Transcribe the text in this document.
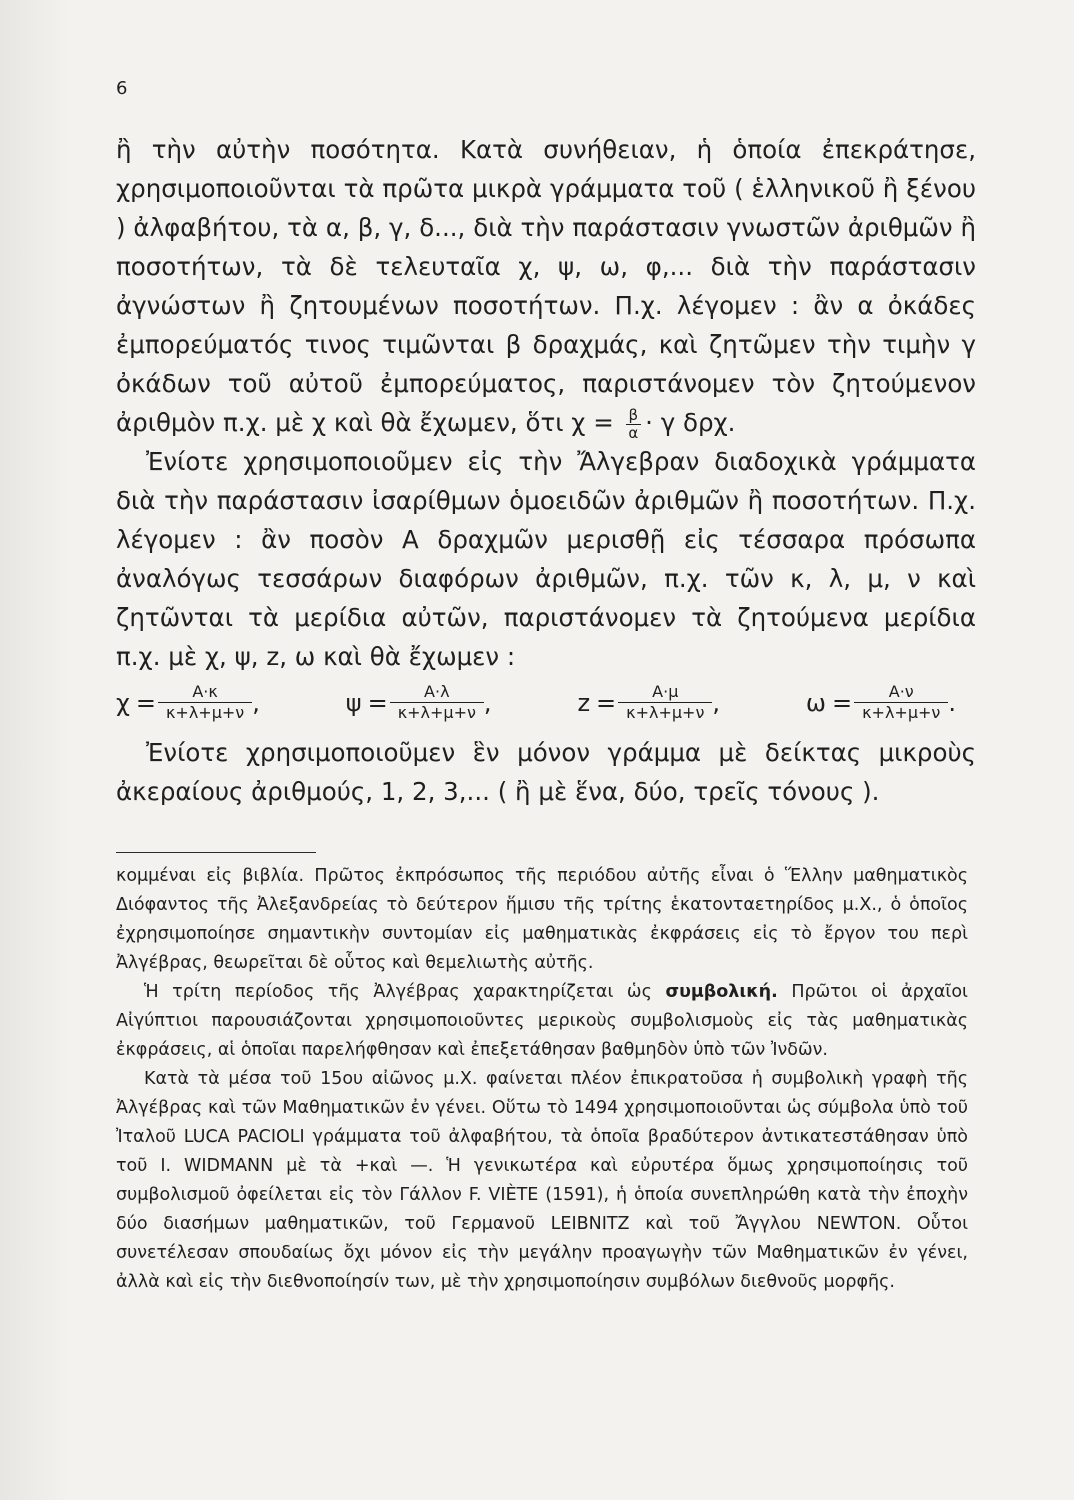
6

ἢ τὴν αὐτὴν ποσότητα. Κατὰ συνήθειαν, ἡ ὁποία ἐπεκράτησε, χρησιμοποιοῦνται τὰ πρῶτα μικρὰ γράμματα τοῦ ( ἑλληνικοῦ ἢ ξένου ) ἀλφαβήτου, τὰ α, β, γ, δ..., διὰ τὴν παράστασιν γνωστῶν ἀριθμῶν ἢ ποσοτήτων, τὰ δὲ τελευταῖα χ, ψ, ω, φ,... διὰ τὴν παράστασιν ἀγνώστων ἢ ζητουμένων ποσοτήτων. Π.χ. λέγομεν : ἂν α ὀκάδες ἐμπορεύματός τινος τιμῶνται β δραχμάς, καὶ ζητῶμεν τὴν τιμὴν γ ὀκάδων τοῦ αὐτοῦ ἐμπορεύματος, παριστάνομεν τὸν ζητούμενον ἀριθμὸν π.χ. μὲ χ καὶ θὰ ἔχωμεν, ὅτι $\chi = \frac{\beta}{\alpha} \cdot \gamma$ δρχ.

Ἐνίοτε χρησιμοποιοῦμεν εἰς τὴν Ἄλγεβραν διαδοχικὰ γράμματα διὰ τὴν παράστασιν ἰσαρίθμων ὁμοειδῶν ἀριθμῶν ἢ ποσοτήτων. Π.χ. λέγομεν : ἂν ποσὸν Α δραχμῶν μερισθῇ εἰς τέσσαρα πρόσωπα ἀναλόγως τεσσάρων διαφόρων ἀριθμῶν, π.χ. τῶν κ, λ, μ, ν καὶ ζητῶνται τὰ μερίδια αὐτῶν, παριστάνομεν τὰ ζητούμενα μερίδια π.χ. μὲ χ, ψ, z, ω καὶ θὰ ἔχωμεν :

$\chi = \frac{A\cdot\kappa}{\kappa+\lambda+\mu+\nu}$ ,	$\psi = \frac{A\cdot\lambda}{\kappa+\lambda+\mu+\nu}$ ,	$z = \frac{A\cdot\mu}{\kappa+\lambda+\mu+\nu}$ ,	$\omega = \frac{A\cdot\nu}{\kappa+\lambda+\mu+\nu}$ .

Ἐνίοτε χρησιμοποιοῦμεν ἓν μόνον γράμμα μὲ δείκτας μικροὺς ἀκεραίους ἀριθμούς, 1, 2, 3,... ( ἢ μὲ ἕνα, δύο, τρεῖς τόνους ).

κομμέναι εἰς βιβλία. Πρῶτος ἐκπρόσωπος τῆς περιόδου αὐτῆς εἶναι ὁ Ἕλλην μαθηματικὸς Διόφαντος τῆς Ἀλεξανδρείας τὸ δεύτερον ἥμισυ τῆς τρίτης ἑκατονταετηρίδος μ.Χ., ὁ ὁποῖος ἐχρησιμοποίησε σημαντικὴν συντομίαν εἰς μαθηματικὰς ἐκφράσεις εἰς τὸ ἔργον του περὶ Ἀλγέβρας, θεωρεῖται δὲ οὗτος καὶ θεμελιωτὴς αὐτῆς.

Ἡ τρίτη περίοδος τῆς Ἀλγέβρας χαρακτηρίζεται ὡς συμβολική. Πρῶτοι οἱ ἀρχαῖοι Αἰγύπτιοι παρουσιάζονται χρησιμοποιοῦντες μερικοὺς συμβολισμοὺς εἰς τὰς μαθηματικὰς ἐκφράσεις, αἱ ὁποῖαι παρελήφθησαν καὶ ἐπεξετάθησαν βαθμηδὸν ὑπὸ τῶν Ἰνδῶν.

Κατὰ τὰ μέσα τοῦ 15ου αἰῶνος μ.Χ. φαίνεται πλέον ἐπικρατοῦσα ἡ συμβολικὴ γραφὴ τῆς Ἀλγέβρας καὶ τῶν Μαθηματικῶν ἐν γένει. Οὕτω τὸ 1494 χρησιμοποιοῦνται ὡς σύμβολα ὑπὸ τοῦ Ἰταλοῦ LUCA PACIOLI γράμματα τοῦ ἀλφαβήτου, τὰ ὁποῖα βραδύτερον ἀντικατεστάθησαν ὑπὸ τοῦ I. WIDMANN μὲ τὰ +καὶ —. Ἡ γενικωτέρα καὶ εὐρυτέρα ὅμως χρησιμοποίησις τοῦ συμβολισμοῦ ὀφείλεται εἰς τὸν Γάλλον F. VIÈTE (1591), ἡ ὁποία συνεπληρώθη κατὰ τὴν ἐποχὴν δύο διασήμων μαθηματικῶν, τοῦ Γερμανοῦ LEIBNITZ καὶ τοῦ Ἄγγλου NEWTON. Οὗτοι συνετέλεσαν σπουδαίως ὄχι μόνον εἰς τὴν μεγάλην προαγωγὴν τῶν Μαθηματικῶν ἐν γένει, ἀλλὰ καὶ εἰς τὴν διεθνοποίησίν των, μὲ τὴν χρησιμοποίησιν συμβόλων διεθνοῦς μορφῆς.
